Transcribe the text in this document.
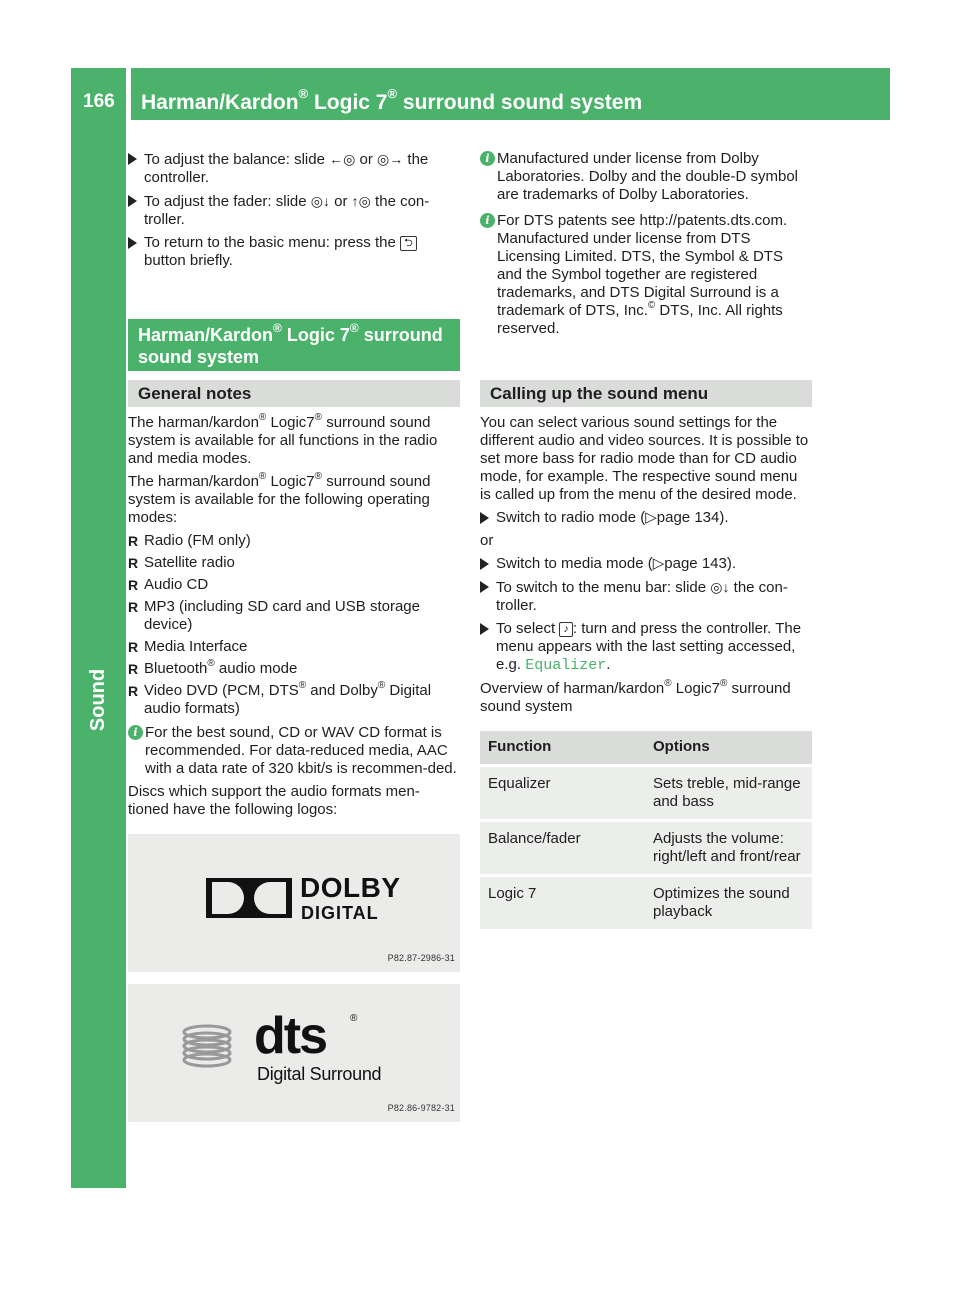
166 Harman/Kardon® Logic 7® surround sound system
Sound
To adjust the balance: slide ←◎ or ◎→ the controller.
To adjust the fader: slide ◎↓ or ↑◎ the con-troller.
To return to the basic menu: press the ⮌ button briefly.
Harman/Kardon® Logic 7® surround sound system
General notes

The harman/kardon® Logic7® surround sound system is available for all functions in the radio and media modes.

The harman/kardon® Logic7® surround sound system is available for the following operating modes:

R Radio (FM only)
R Satellite radio
R Audio CD
R MP3 (including SD card and USB storage device)
R Media Interface
R Bluetooth® audio mode
R Video DVD (PCM, DTS® and Dolby® Digital audio formats)
i For the best sound, CD or WAV CD format is recommended. For data-reduced media, AAC with a data rate of 320 kbit/s is recommen-ded.

Discs which support the audio formats men-tioned have the following logos:

DOLBY
DIGITAL
P82.87-2986-31
dts ®
Digital Surround
P82.86-9782-31
i Manufactured under license from Dolby Laboratories. Dolby and the double-D symbol are trademarks of Dolby Laboratories.
i For DTS patents see http://patents.dts.com. Manufactured under license from DTS Licensing Limited. DTS, the Symbol & DTS and the Symbol together are registered trademarks, and DTS Digital Surround is a trademark of DTS, Inc.© DTS, Inc. All rights reserved.
Calling up the sound menu

You can select various sound settings for the different audio and video sources. It is possible to set more bass for radio mode than for CD audio mode, for example. The respective sound menu is called up from the menu of the desired mode.

Switch to radio mode (▷page 134).

or

Switch to media mode (▷page 143).
To switch to the menu bar: slide ◎↓ the con-troller.
To select ♪ : turn and press the controller. The menu appears with the last setting accessed, e.g. Equalizer.

Overview of harman/kardon® Logic7® surround sound system

Function	Options
Equalizer	Sets treble, mid-range and bass
Balance/fader	Adjusts the volume: right/left and front/rear
Logic 7	Optimizes the sound playback
